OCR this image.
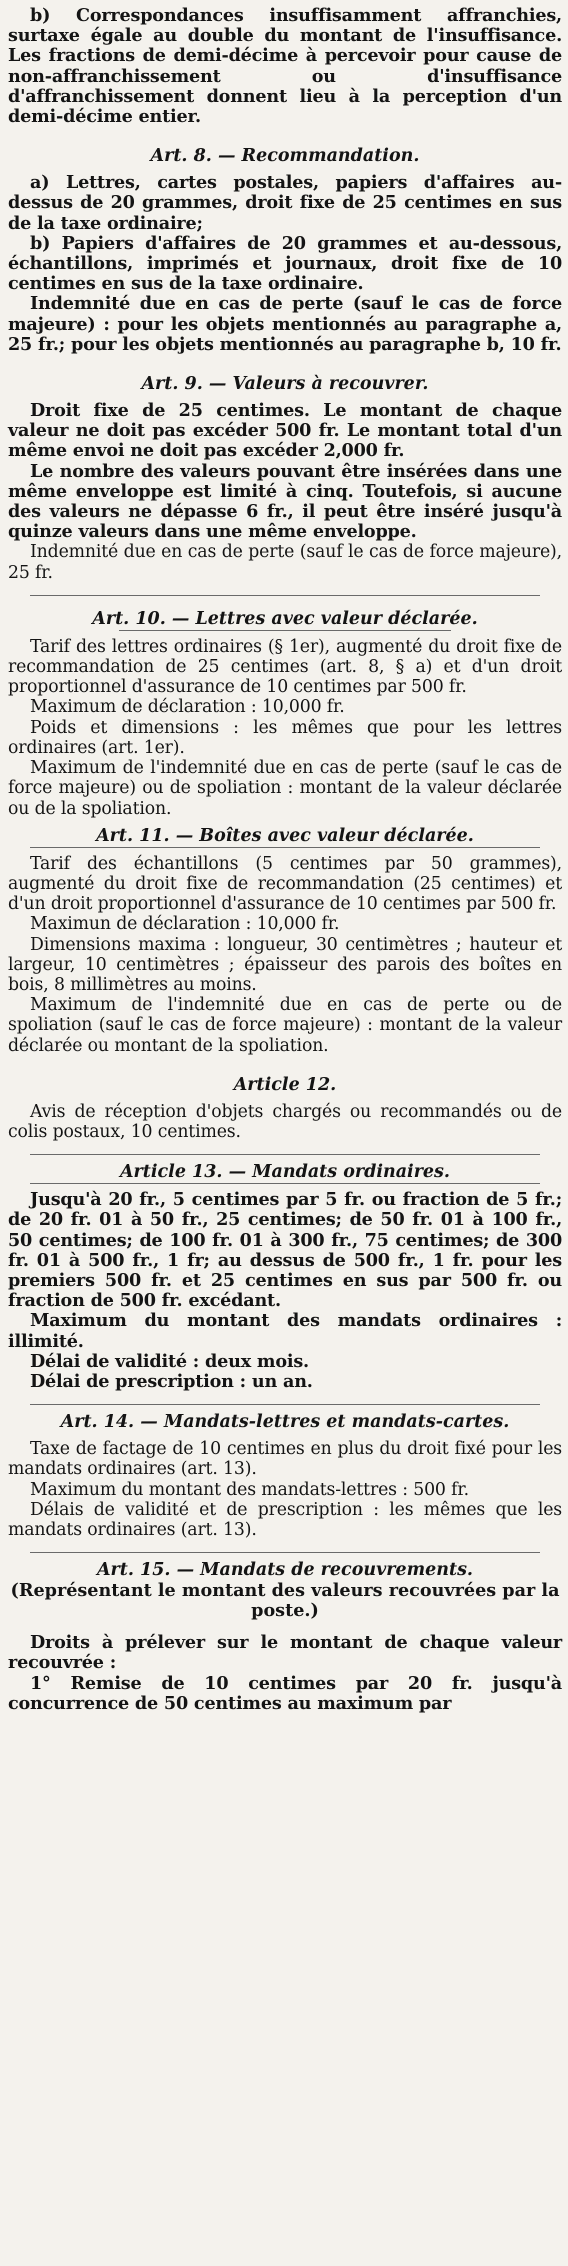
b) Correspondances insuffisamment affranchies, surtaxe égale au double du montant de l'insuffisance. Les fractions de demi-décime à percevoir pour cause de non-affranchissement ou d'insuffisance d'affranchissement donnent lieu à la perception d'un demi-décime entier.

Art. 8. — Recommandation.

a) Lettres, cartes postales, papiers d'affaires au-dessus de 20 grammes, droit fixe de 25 centimes en sus de la taxe ordinaire;

b) Papiers d'affaires de 20 grammes et au-dessous, échantillons, imprimés et journaux, droit fixe de 10 centimes en sus de la taxe ordinaire.

Indemnité due en cas de perte (sauf le cas de force majeure) : pour les objets mentionnés au paragraphe a, 25 fr.; pour les objets mentionnés au paragraphe b, 10 fr.

Art. 9. — Valeurs à recouvrer.

Droit fixe de 25 centimes. Le montant de chaque valeur ne doit pas excéder 500 fr. Le montant total d'un même envoi ne doit pas excéder 2,000 fr.

Le nombre des valeurs pouvant être insérées dans une même enveloppe est limité à cinq. Toutefois, si aucune des valeurs ne dépasse 6 fr., il peut être inséré jusqu'à quinze valeurs dans une même enveloppe.

Indemnité due en cas de perte (sauf le cas de force majeure), 25 fr.

Art. 10. — Lettres avec valeur déclarée.

Tarif des lettres ordinaires (§ 1er), augmenté du droit fixe de recommandation de 25 centimes (art. 8, § a) et d'un droit proportionnel d'assurance de 10 centimes par 500 fr.

Maximum de déclaration : 10,000 fr.

Poids et dimensions : les mêmes que pour les lettres ordinaires (art. 1er).

Maximum de l'indemnité due en cas de perte (sauf le cas de force majeure) ou de spoliation : montant de la valeur déclarée ou de la spoliation.

Art. 11. — Boîtes avec valeur déclarée.

Tarif des échantillons (5 centimes par 50 grammes), augmenté du droit fixe de recommandation (25 centimes) et d'un droit proportionnel d'assurance de 10 centimes par 500 fr.

Maximun de déclaration : 10,000 fr.

Dimensions maxima : longueur, 30 centimètres ; hauteur et largeur, 10 centimètres ; épaisseur des parois des boîtes en bois, 8 millimètres au moins.

Maximum de l'indemnité due en cas de perte ou de spoliation (sauf le cas de force majeure) : montant de la valeur déclarée ou montant de la spoliation.

Article 12.

Avis de réception d'objets chargés ou recommandés ou de colis postaux, 10 centimes.

Article 13. — Mandats ordinaires.

Jusqu'à 20 fr., 5 centimes par 5 fr. ou fraction de 5 fr.; de 20 fr. 01 à 50 fr., 25 centimes; de 50 fr. 01 à 100 fr., 50 centimes; de 100 fr. 01 à 300 fr., 75 centimes; de 300 fr. 01 à 500 fr., 1 fr; au dessus de 500 fr., 1 fr. pour les premiers 500 fr. et 25 centimes en sus par 500 fr. ou fraction de 500 fr. excédant.

Maximum du montant des mandats ordinaires : illimité.

Délai de validité : deux mois.

Délai de prescription : un an.

Art. 14. — Mandats-lettres et mandats-cartes.

Taxe de factage de 10 centimes en plus du droit fixé pour les mandats ordinaires (art. 13).

Maximum du montant des mandats-lettres : 500 fr.

Délais de validité et de prescription : les mêmes que les mandats ordinaires (art. 13).

Art. 15. — Mandats de recouvrements.

(Représentant le montant des valeurs recouvrées par la poste.)

Droits à prélever sur le montant de chaque valeur recouvrée :

1° Remise de 10 centimes par 20 fr. jusqu'à concurrence de 50 centimes au maximum par
